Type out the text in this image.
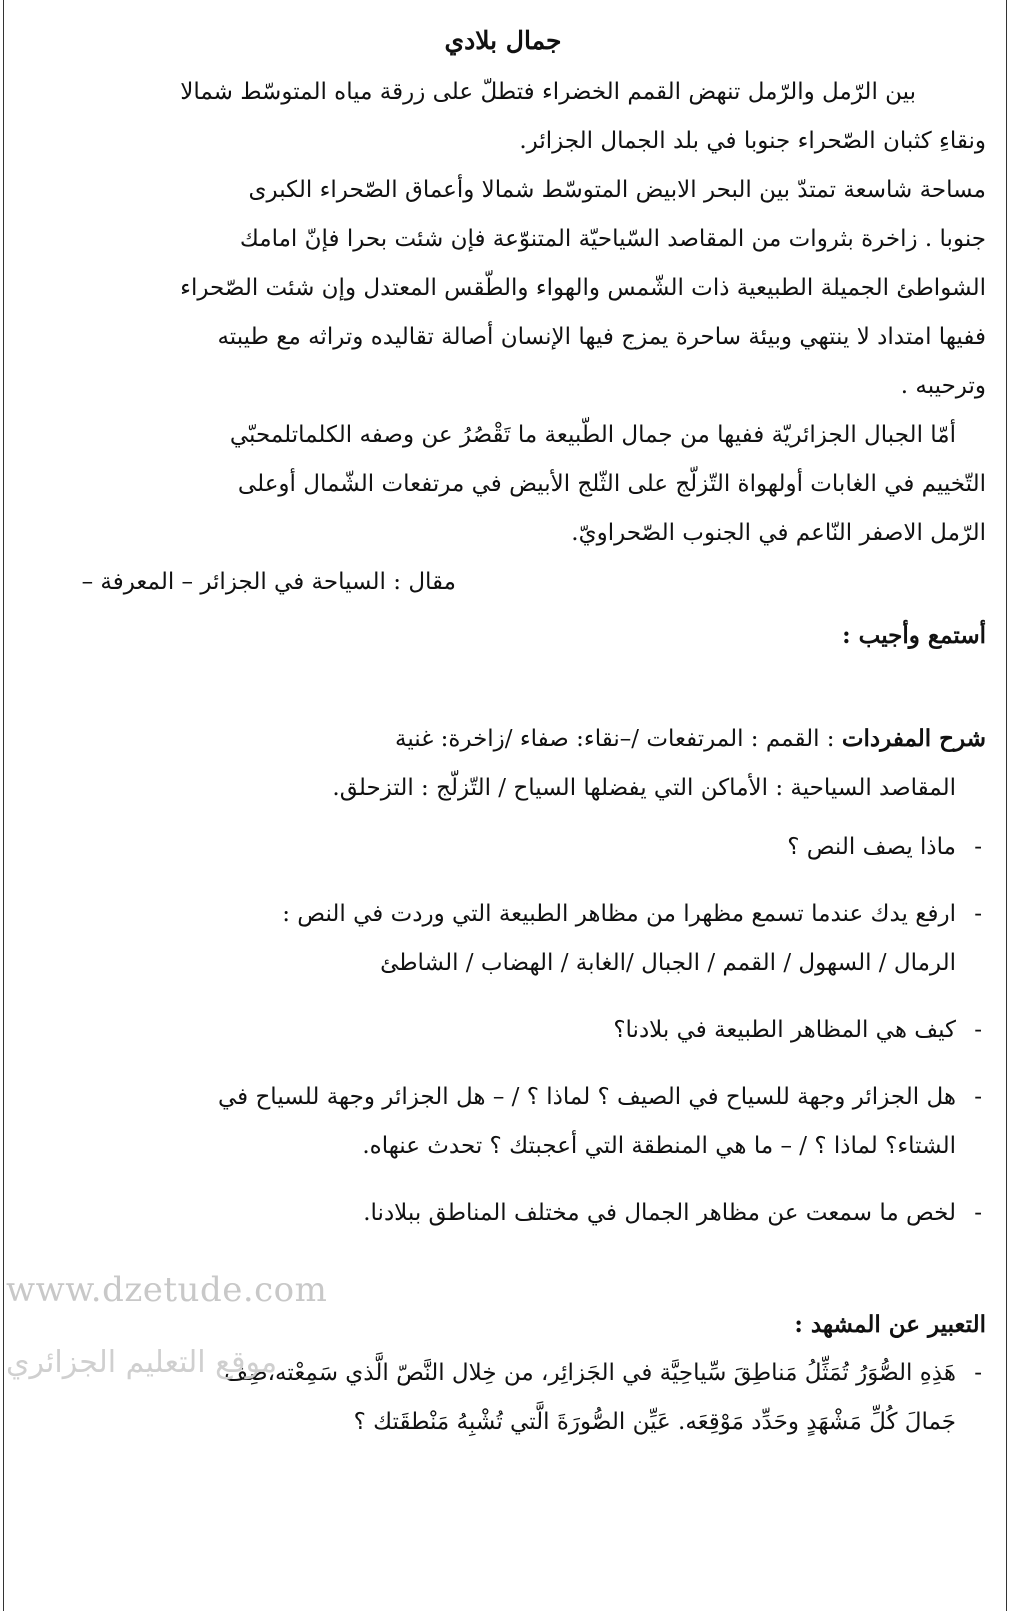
جمال بلادي
بين الرّمل والرّمل تنهض القمم الخضراء فتطلّ على زرقة مياه المتوسّط شمالا
ونقاءِ كثبان الصّحراء جنوبا في بلد الجمال الجزائر.
مساحة شاسعة تمتدّ بين البحر الابيض المتوسّط شمالا وأعماق الصّحراء الكبرى
جنوبا . زاخرة بثروات من المقاصد السّياحيّة المتنوّعة فإن شئت بحرا فإنّ امامك
الشواطئ الجميلة الطبيعية ذات الشّمس والهواء والطّقس المعتدل وإن شئت الصّحراء
ففيها امتداد لا ينتهي وبيئة ساحرة يمزج فيها الإنسان أصالة تقاليده وتراثه مع طيبته
وترحيبه .
أمّا الجبال الجزائريّة ففيها من جمال الطّبيعة ما تَقْصُرُ عن وصفه الكلماتلمحبّي
التّخييم في الغابات أولهواة التّزلّج على الثّلج الأبيض في مرتفعات الشّمال أوعلى
الرّمل الاصفر النّاعم في الجنوب الصّحراويّ.
مقال : السياحة في الجزائر – المعرفة –
أستمع وأجيب :
شرح المفردات : القمم : المرتفعات /–نقاء: صفاء /زاخرة: غنية
المقاصد السياحية : الأماكن التي يفضلها السياح / التّزلّج : التزحلق.
-
ماذا يصف النص ؟
-
ارفع يدك عندما تسمع مظهرا من مظاهر الطبيعة التي وردت في النص :
الرمال / السهول / القمم / الجبال /الغابة / الهضاب / الشاطئ
-
كيف هي المظاهر الطبيعة في بلادنا؟
-
هل الجزائر وجهة للسياح في الصيف ؟ لماذا ؟ / – هل الجزائر وجهة للسياح في
الشتاء؟ لماذا ؟ / – ما هي المنطقة التي أعجبتك ؟ تحدث عنهاه.
-
لخص ما سمعت عن مظاهر الجمال في مختلف المناطق ببلادنا.
التعبير عن المشهد :
-
هَذِهِ الصُّوَرُ تُمَثِّلُ مَناطِقَ سِّياحِيَّة في الجَزائِر، من خِلال النَّصّ الَّذي سَمِعْته،صِف
جَمالَ كُلِّ مَشْهَدٍ وحَدِّد مَوْقِعَه. عَيِّن الصُّورَةَ الَّتي تُشْبِهُ مَنْطقَتك ؟
www.dzetude.com
موقع التعليم الجزائري
